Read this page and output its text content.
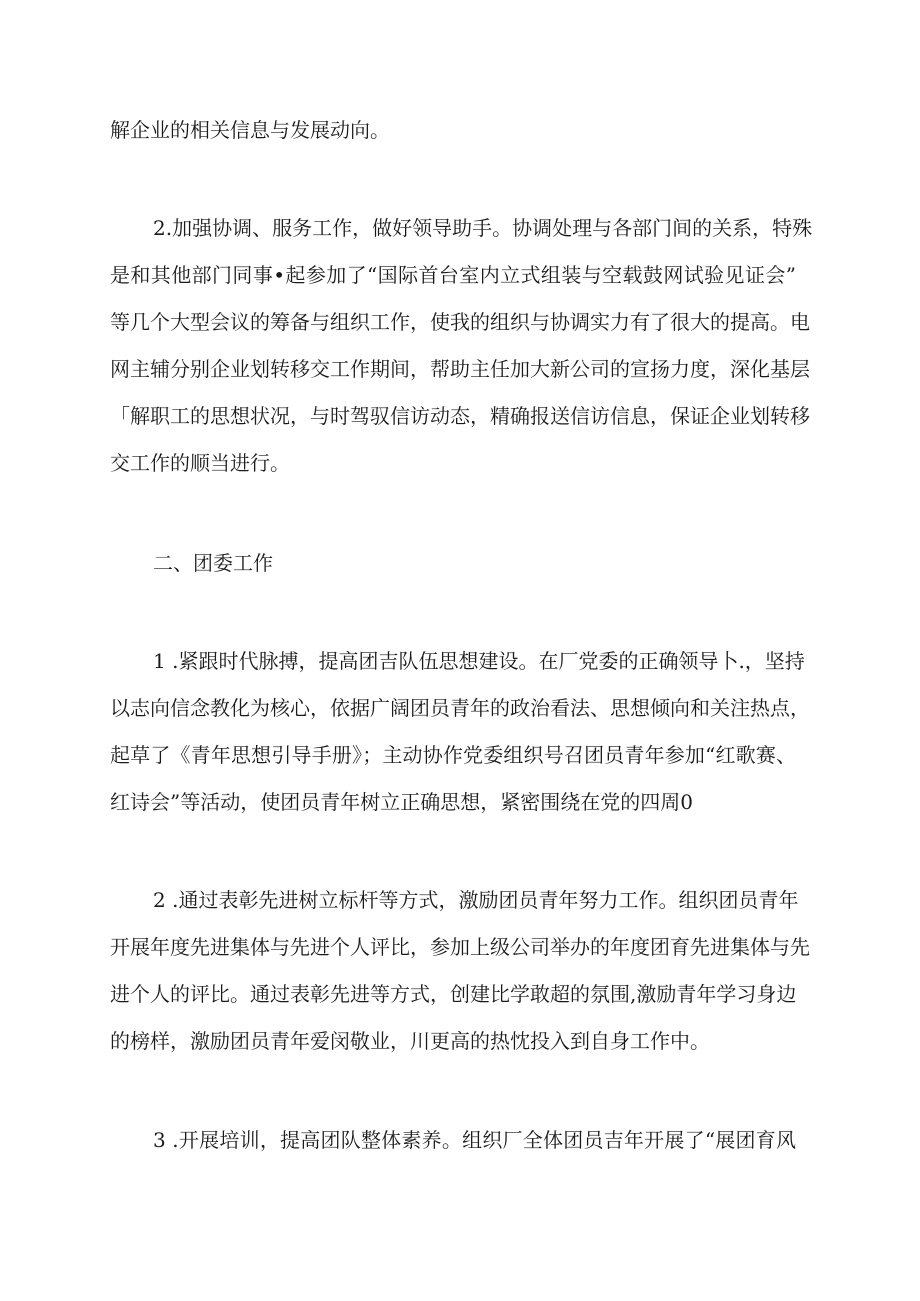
解企业的相关信息与发展动向。
2.加强协调、服务工作，做好领导助手。协调处理与各部门间的关系，特殊
是和其他部门同事•起参加了“国际首台室内立式组装与空载鼓网试验见证会”
等几个大型会议的筹备与组织工作，使我的组织与协调实力有了很大的提高。电
网主辅分别企业划转移交工作期间，帮助主任加大新公司的宣扬力度，深化基层
「解职工的思想状况，与时驾驭信访动态，精确报送信访信息，保证企业划转移
交工作的顺当进行。
二、团委工作
1 .紧跟时代脉搏，提高团吉队伍思想建设。在厂党委的正确领导卜.，坚持
以志向信念教化为核心，依据广阔团员青年的政治看法、思想倾向和关注热点，
起草了《青年思想引导手册》；主动协作党委组织号召团员青年参加“红歌赛、
红诗会”等活动，使团员青年树立正确思想，紧密围绕在党的四周0
2 .通过表彰先进树立标杆等方式，激励团员青年努力工作。组织团员青年
开展年度先进集体与先进个人评比，参加上级公司举办的年度团育先进集体与先
进个人的评比。通过表彰先进等方式，创建比学敢超的氛围,激励青年学习身边
的榜样，激励团员青年爱闵敬业，川更高的热忱投入到自身工作中。
3 .开展培训，提高团队整体素养。组织厂全体团员吉年开展了“展团育风
